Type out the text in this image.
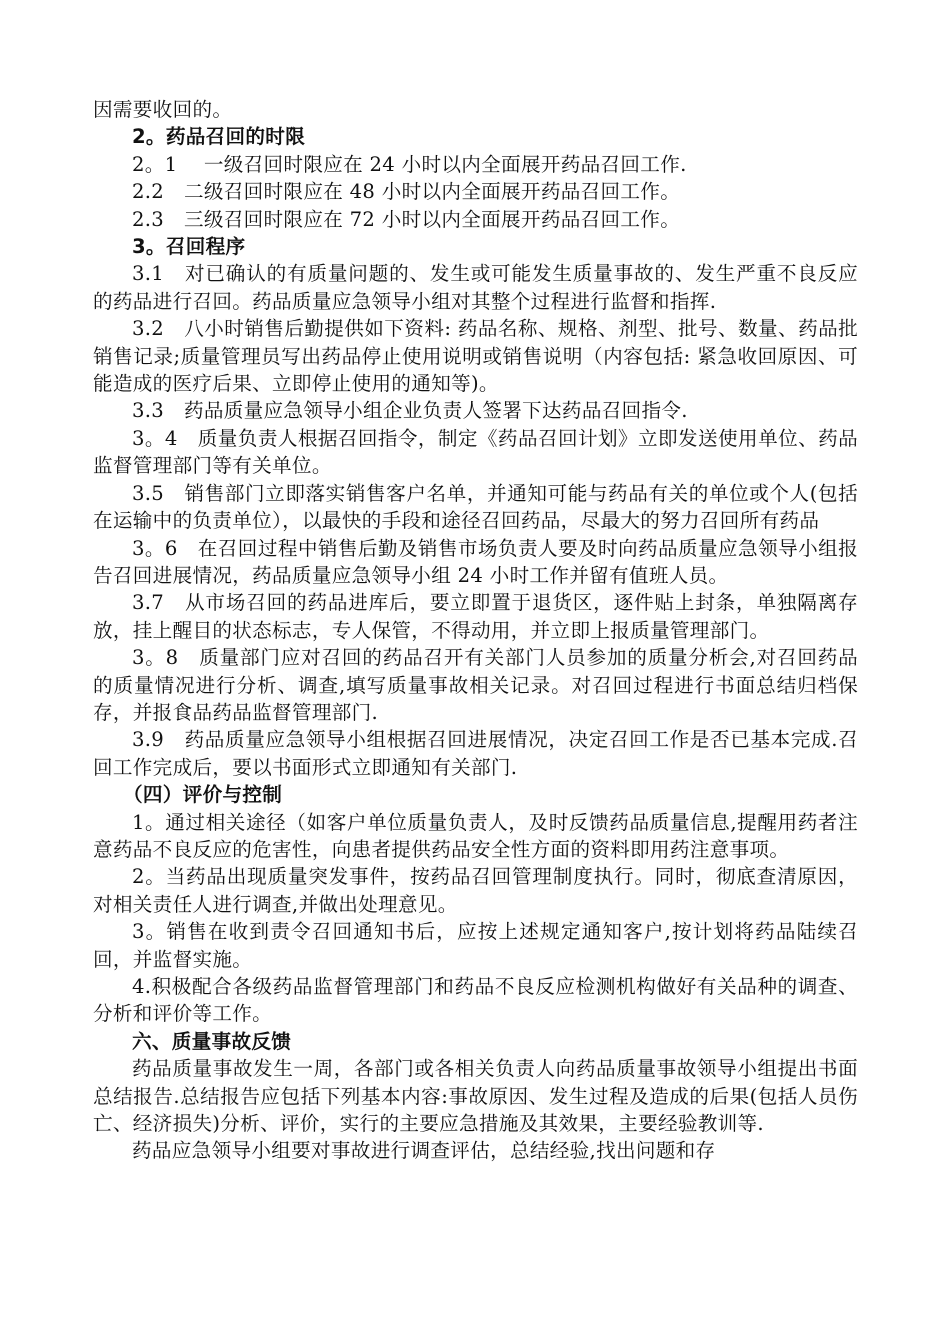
因需要收回的。

2。药品召回的时限

2。1　 一级召回时限应在 24 小时以内全面展开药品召回工作.

2.2　二级召回时限应在 48 小时以内全面展开药品召回工作。

2.3　三级召回时限应在 72 小时以内全面展开药品召回工作。

3。召回程序

3.1　对已确认的有质量问题的、发生或可能发生质量事故的、发生严重不良反应的药品进行召回。药品质量应急领导小组对其整个过程进行监督和指挥.

3.2　八小时销售后勤提供如下资料: 药品名称、规格、剂型、批号、数量、药品批销售记录;质量管理员写出药品停止使用说明或销售说明（内容包括: 紧急收回原因、可能造成的医疗后果、立即停止使用的通知等)。

3.3　药品质量应急领导小组企业负责人签署下达药品召回指令.

3。4　质量负责人根据召回指令，制定《药品召回计划》立即发送使用单位、药品监督管理部门等有关单位。

3.5　销售部门立即落实销售客户名单，并通知可能与药品有关的单位或个人(包括在运输中的负责单位），以最快的手段和途径召回药品，尽最大的努力召回所有药品

3。6　在召回过程中销售后勤及销售市场负责人要及时向药品质量应急领导小组报告召回进展情况，药品质量应急领导小组 24 小时工作并留有值班人员。

3.7　从市场召回的药品进库后，要立即置于退货区，逐件贴上封条，单独隔离存放，挂上醒目的状态标志，专人保管，不得动用，并立即上报质量管理部门。

3。8　质量部门应对召回的药品召开有关部门人员参加的质量分析会,对召回药品的质量情况进行分析、调查,填写质量事故相关记录。对召回过程进行书面总结归档保存，并报食品药品监督管理部门.

3.9　药品质量应急领导小组根据召回进展情况，决定召回工作是否已基本完成.召回工作完成后，要以书面形式立即通知有关部门.

（四）评价与控制

1。通过相关途径（如客户单位质量负责人，及时反馈药品质量信息,提醒用药者注意药品不良反应的危害性，向患者提供药品安全性方面的资料即用药注意事项。

2。当药品出现质量突发事件，按药品召回管理制度执行。同时，彻底查清原因，对相关责任人进行调查,并做出处理意见。

3。销售在收到责令召回通知书后，应按上述规定通知客户,按计划将药品陆续召回，并监督实施。

4.积极配合各级药品监督管理部门和药品不良反应检测机构做好有关品种的调查、分析和评价等工作。

六、质量事故反馈

药品质量事故发生一周，各部门或各相关负责人向药品质量事故领导小组提出书面总结报告.总结报告应包括下列基本内容:事故原因、发生过程及造成的后果(包括人员伤亡、经济损失)分析、评价，实行的主要应急措施及其效果，主要经验教训等.

药品应急领导小组要对事故进行调查评估，总结经验,找出问题和存
